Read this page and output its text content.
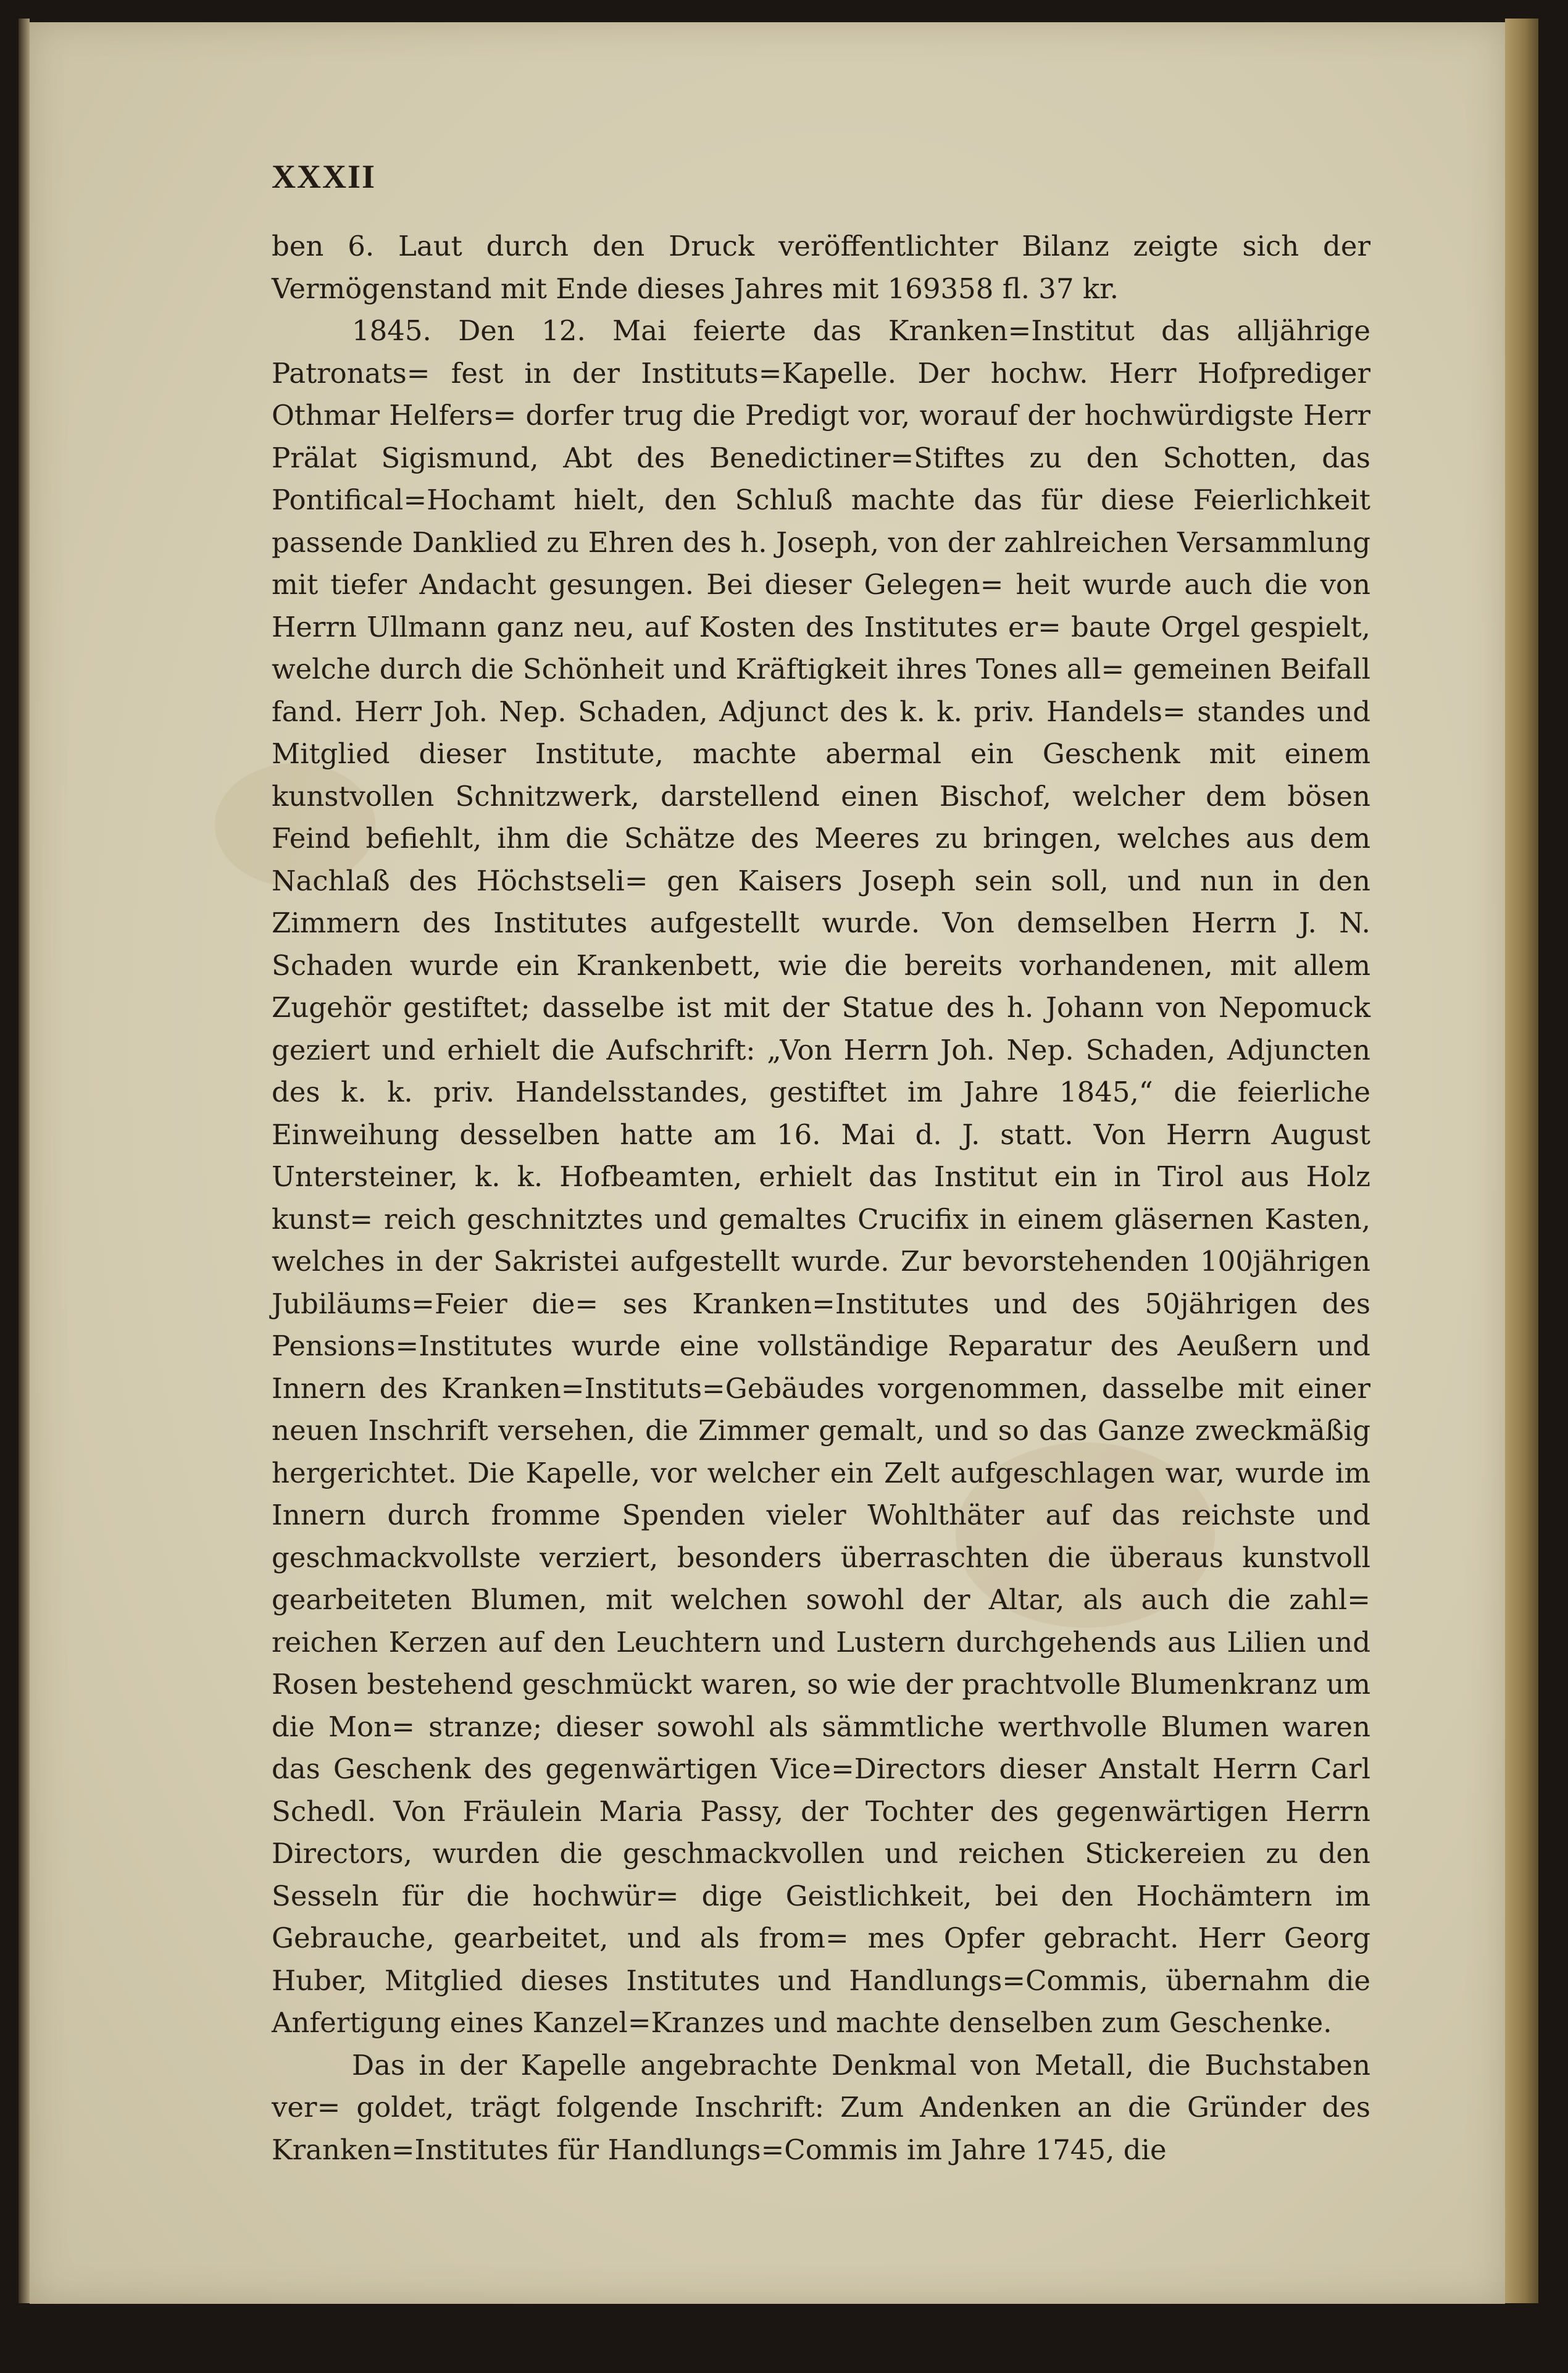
XXXII

ben 6. Laut durch den Druck veröffentlichter Bilanz zeigte sich der Vermögenstand mit Ende dieses Jahres mit 169358 fl. 37 kr.

1845. Den 12. Mai feierte das Kranken=Institut das alljährige Patronats= fest in der Instituts=Kapelle. Der hochw. Herr Hofprediger Othmar Helfers= dorfer trug die Predigt vor, worauf der hochwürdigste Herr Prälat Sigismund, Abt des Benedictiner=Stiftes zu den Schotten, das Pontifical=Hochamt hielt, den Schluß machte das für diese Feierlichkeit passende Danklied zu Ehren des h. Joseph, von der zahlreichen Versammlung mit tiefer Andacht gesungen. Bei dieser Gelegen= heit wurde auch die von Herrn Ullmann ganz neu, auf Kosten des Institutes er= baute Orgel gespielt, welche durch die Schönheit und Kräftigkeit ihres Tones all= gemeinen Beifall fand. Herr Joh. Nep. Schaden, Adjunct des k. k. priv. Handels= standes und Mitglied dieser Institute, machte abermal ein Geschenk mit einem kunstvollen Schnitzwerk, darstellend einen Bischof, welcher dem bösen Feind befiehlt, ihm die Schätze des Meeres zu bringen, welches aus dem Nachlaß des Höchstseli= gen Kaisers Joseph sein soll, und nun in den Zimmern des Institutes aufgestellt wurde. Von demselben Herrn J. N. Schaden wurde ein Krankenbett, wie die bereits vorhandenen, mit allem Zugehör gestiftet; dasselbe ist mit der Statue des h. Johann von Nepomuck geziert und erhielt die Aufschrift: „Von Herrn Joh. Nep. Schaden, Adjuncten des k. k. priv. Handelsstandes, gestiftet im Jahre 1845,“ die feierliche Einweihung desselben hatte am 16. Mai d. J. statt. Von Herrn August Untersteiner, k. k. Hofbeamten, erhielt das Institut ein in Tirol aus Holz kunst= reich geschnitztes und gemaltes Crucifix in einem gläsernen Kasten, welches in der Sakristei aufgestellt wurde. Zur bevorstehenden 100jährigen Jubiläums=Feier die= ses Kranken=Institutes und des 50jährigen des Pensions=Institutes wurde eine vollständige Reparatur des Aeußern und Innern des Kranken=Instituts=Gebäudes vorgenommen, dasselbe mit einer neuen Inschrift versehen, die Zimmer gemalt, und so das Ganze zweckmäßig hergerichtet. Die Kapelle, vor welcher ein Zelt aufgeschlagen war, wurde im Innern durch fromme Spenden vieler Wohlthäter auf das reichste und geschmackvollste verziert, besonders überraschten die überaus kunstvoll gearbeiteten Blumen, mit welchen sowohl der Altar, als auch die zahl= reichen Kerzen auf den Leuchtern und Lustern durchgehends aus Lilien und Rosen bestehend geschmückt waren, so wie der prachtvolle Blumenkranz um die Mon= stranze; dieser sowohl als sämmtliche werthvolle Blumen waren das Geschenk des gegenwärtigen Vice=Directors dieser Anstalt Herrn Carl Schedl. Von Fräulein Maria Passy, der Tochter des gegenwärtigen Herrn Directors, wurden die geschmackvollen und reichen Stickereien zu den Sesseln für die hochwür= dige Geistlichkeit, bei den Hochämtern im Gebrauche, gearbeitet, und als from= mes Opfer gebracht. Herr Georg Huber, Mitglied dieses Institutes und Handlungs=Commis, übernahm die Anfertigung eines Kanzel=Kranzes und machte denselben zum Geschenke.

Das in der Kapelle angebrachte Denkmal von Metall, die Buchstaben ver= goldet, trägt folgende Inschrift: Zum Andenken an die Gründer des Kranken=Institutes für Handlungs=Commis im Jahre 1745, die
